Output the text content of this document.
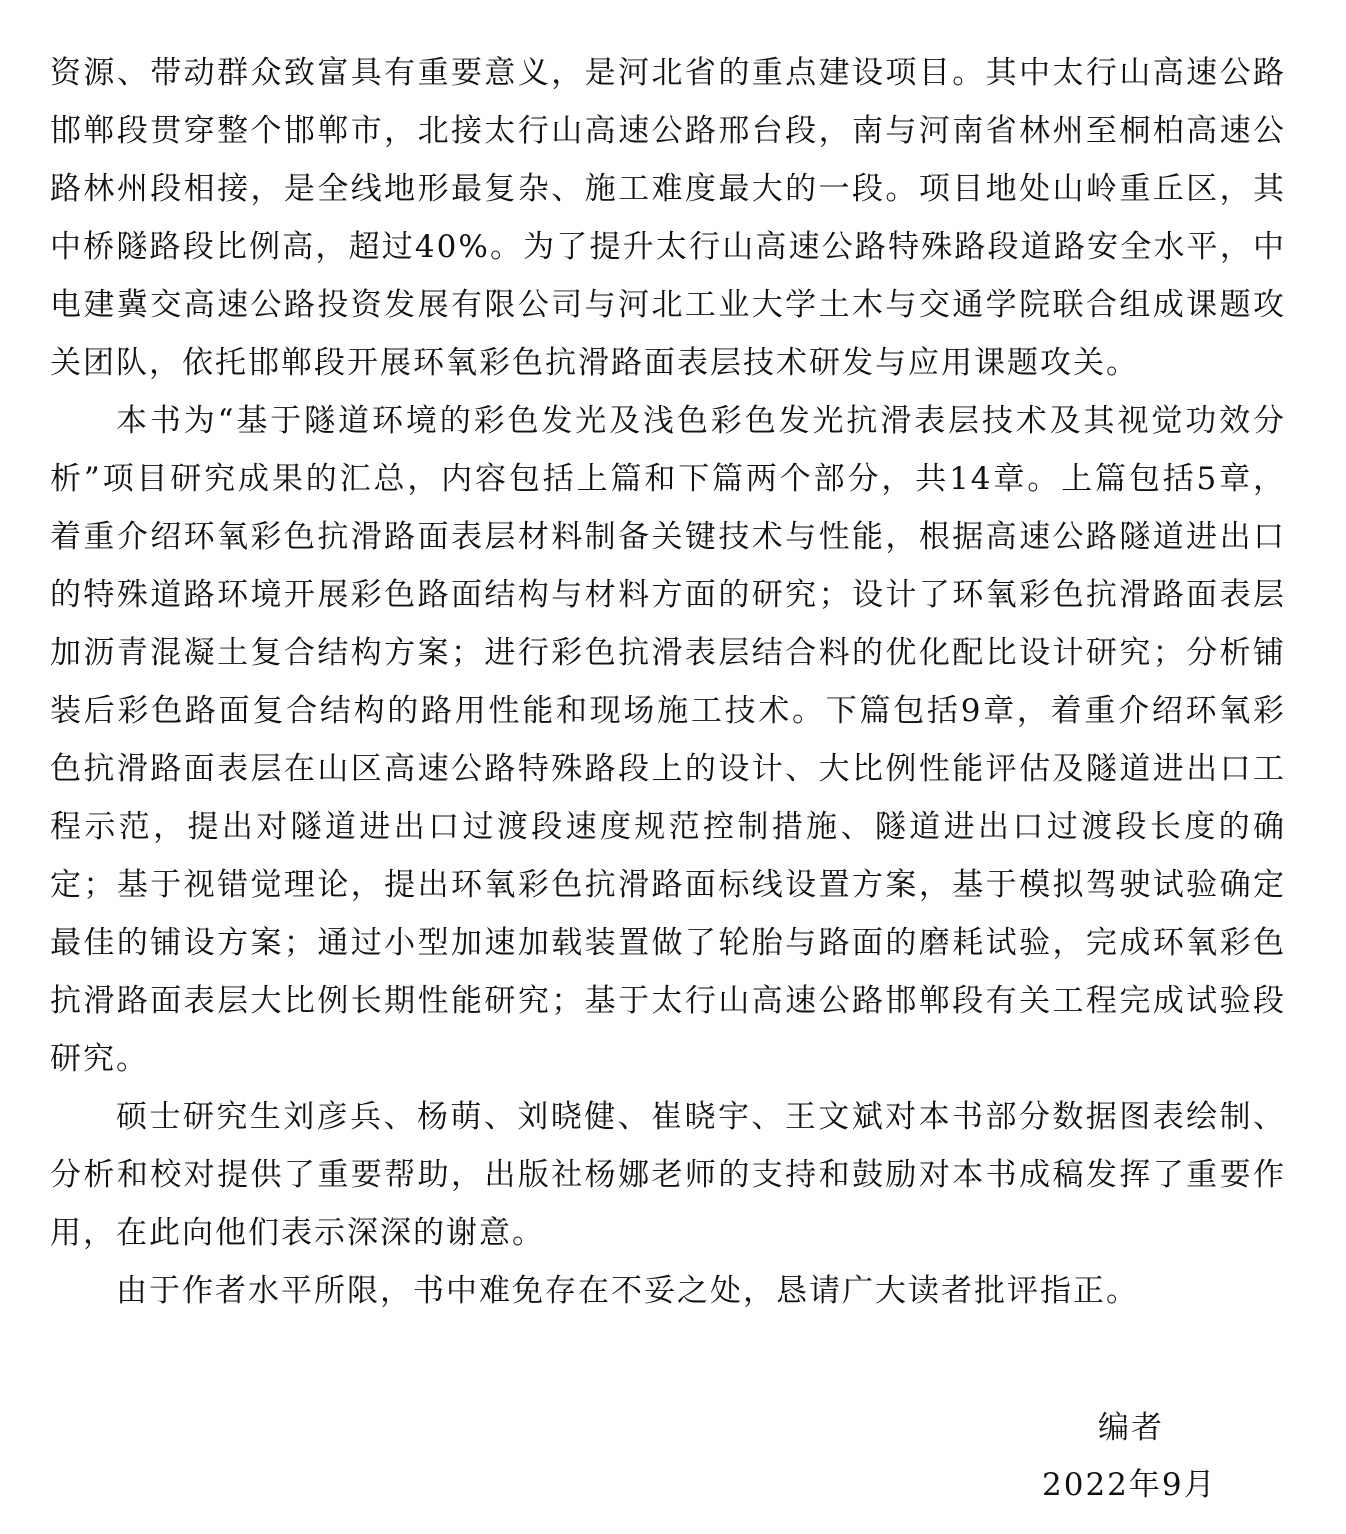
资源、带动群众致富具有重要意义，是河北省的重点建设项目。其中太行山高速公路
邯郸段贯穿整个邯郸市，北接太行山高速公路邢台段，南与河南省林州至桐柏高速公
路林州段相接，是全线地形最复杂、施工难度最大的一段。项目地处山岭重丘区，其
中桥隧路段比例高，超过40%。为了提升太行山高速公路特殊路段道路安全水平，中
电建冀交高速公路投资发展有限公司与河北工业大学土木与交通学院联合组成课题攻
关团队，依托邯郸段开展环氧彩色抗滑路面表层技术研发与应用课题攻关。
本书为“基于隧道环境的彩色发光及浅色彩色发光抗滑表层技术及其视觉功效分
析”项目研究成果的汇总，内容包括上篇和下篇两个部分，共14章。上篇包括5章，
着重介绍环氧彩色抗滑路面表层材料制备关键技术与性能，根据高速公路隧道进出口
的特殊道路环境开展彩色路面结构与材料方面的研究；设计了环氧彩色抗滑路面表层
加沥青混凝土复合结构方案；进行彩色抗滑表层结合料的优化配比设计研究；分析铺
装后彩色路面复合结构的路用性能和现场施工技术。下篇包括9章，着重介绍环氧彩
色抗滑路面表层在山区高速公路特殊路段上的设计、大比例性能评估及隧道进出口工
程示范，提出对隧道进出口过渡段速度规范控制措施、隧道进出口过渡段长度的确
定；基于视错觉理论，提出环氧彩色抗滑路面标线设置方案，基于模拟驾驶试验确定
最佳的铺设方案；通过小型加速加载装置做了轮胎与路面的磨耗试验，完成环氧彩色
抗滑路面表层大比例长期性能研究；基于太行山高速公路邯郸段有关工程完成试验段
研究。
硕士研究生刘彦兵、杨萌、刘晓健、崔晓宇、王文斌对本书部分数据图表绘制、
分析和校对提供了重要帮助，出版社杨娜老师的支持和鼓励对本书成稿发挥了重要作
用，在此向他们表示深深的谢意。
由于作者水平所限，书中难免存在不妥之处，恳请广大读者批评指正。
编者
2022年9月
